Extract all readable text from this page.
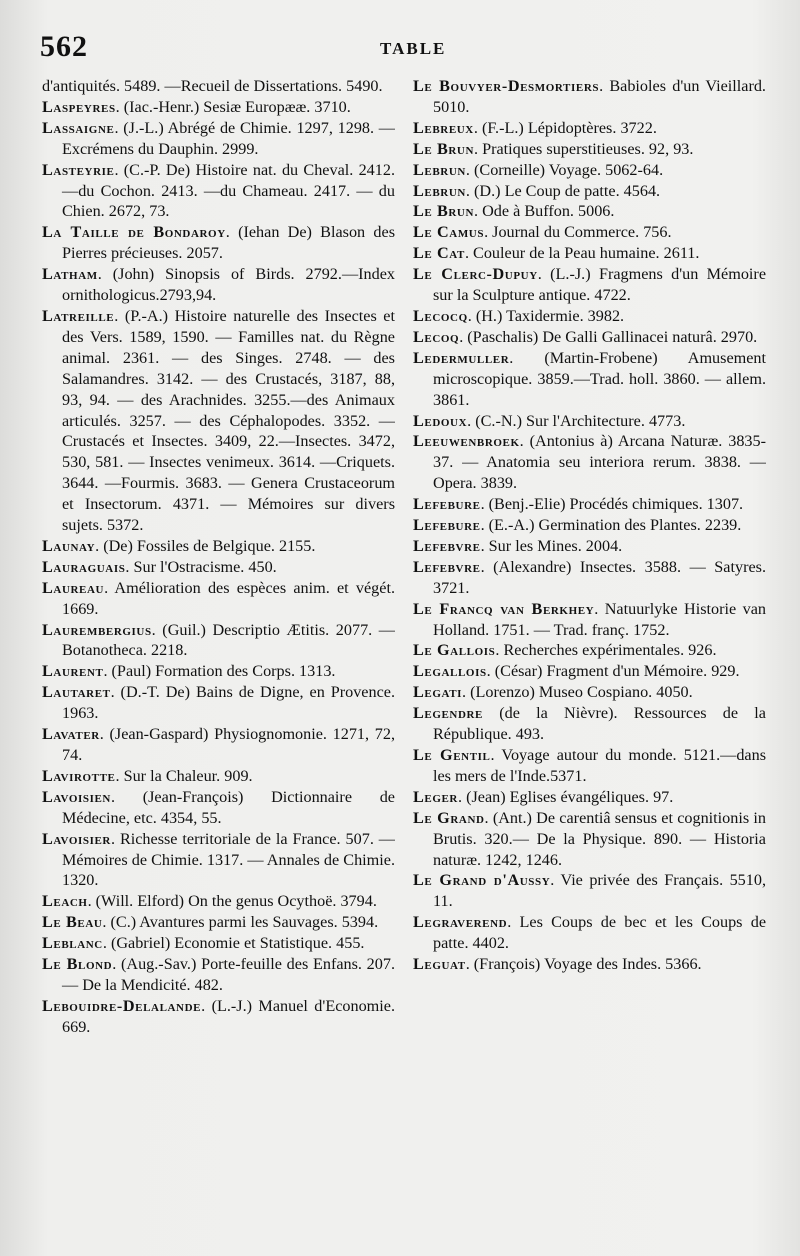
562	TABLE

d'antiquités. 5489. —Recueil de Dissertations. 5490.

Laspeyres. (Iac.-Henr.) Sesiæ Europææ. 3710.

Lassaigne. (J.-L.) Abrégé de Chimie. 1297, 1298. — Excrémens du Dauphin. 2999.

Lasteyrie. (C.-P. De) Histoire nat. du Cheval. 2412.—du Cochon. 2413. —du Chameau. 2417. — du Chien. 2672, 73.

La Taille de Bondaroy. (Iehan De) Blason des Pierres précieuses. 2057.

Latham. (John) Sinopsis of Birds. 2792.—Index ornithologicus.2793,94.

Latreille. (P.-A.) Histoire naturelle des Insectes et des Vers. 1589, 1590. — Familles nat. du Règne animal. 2361. — des Singes. 2748. — des Salamandres. 3142. — des Crustacés, 3187, 88, 93, 94. — des Arachnides. 3255.—des Animaux articulés. 3257. — des Céphalopodes. 3352. — Crustacés et Insectes. 3409, 22.—Insectes. 3472, 530, 581. — Insectes venimeux. 3614. —Criquets. 3644. —Fourmis. 3683. — Genera Crustaceorum et Insectorum. 4371. — Mémoires sur divers sujets. 5372.

Launay. (De) Fossiles de Belgique. 2155.

Lauraguais. Sur l'Ostracisme. 450.

Laureau. Amélioration des espèces anim. et végét. 1669.

Laurembergius. (Guil.) Descriptio Ætitis. 2077. — Botanotheca. 2218.

Laurent. (Paul) Formation des Corps. 1313.

Lautaret. (D.-T. De) Bains de Digne, en Provence. 1963.

Lavater. (Jean-Gaspard) Physiognomonie. 1271, 72, 74.

Lavirotte. Sur la Chaleur. 909.

Lavoisien. (Jean-François) Dictionnaire de Médecine, etc. 4354, 55.

Lavoisier. Richesse territoriale de la France. 507. — Mémoires de Chimie. 1317. — Annales de Chimie. 1320.

Leach. (Will. Elford) On the genus Ocythoë. 3794.

Le Beau. (C.) Avantures parmi les Sauvages. 5394.

Leblanc. (Gabriel) Economie et Statistique. 455.

Le Blond. (Aug.-Sav.) Porte-feuille des Enfans. 207. — De la Mendicité. 482.

Lebouidre-Delalande. (L.-J.) Manuel d'Economie. 669.

Le Bouvyer-Desmortiers. Babioles d'un Vieillard. 5010.

Lebreux. (F.-L.) Lépidoptères. 3722.

Le Brun. Pratiques superstitieuses. 92, 93.

Lebrun. (Corneille) Voyage. 5062-64.

Lebrun. (D.) Le Coup de patte. 4564.

Le Brun. Ode à Buffon. 5006.

Le Camus. Journal du Commerce. 756.

Le Cat. Couleur de la Peau humaine. 2611.

Le Clerc-Dupuy. (L.-J.) Fragmens d'un Mémoire sur la Sculpture antique. 4722.

Lecocq. (H.) Taxidermie. 3982.

Lecoq. (Paschalis) De Galli Gallinacei naturâ. 2970.

Ledermuller. (Martin-Frobene) Amusement microscopique. 3859.—Trad. holl. 3860. — allem. 3861.

Ledoux. (C.-N.) Sur l'Architecture. 4773.

Leeuwenbroek. (Antonius à) Arcana Naturæ. 3835-37. — Anatomia seu interiora rerum. 3838. — Opera. 3839.

Lefebure. (Benj.-Elie) Procédés chimiques. 1307.

Lefebure. (E.-A.) Germination des Plantes. 2239.

Lefebvre. Sur les Mines. 2004.

Lefebvre. (Alexandre) Insectes. 3588. — Satyres. 3721.

Le Francq van Berkhey. Natuurlyke Historie van Holland. 1751. — Trad. franç. 1752.

Le Gallois. Recherches expérimentales. 926.

Legallois. (César) Fragment d'un Mémoire. 929.

Legati. (Lorenzo) Museo Cospiano. 4050.

Legendre (de la Nièvre). Ressources de la République. 493.

Le Gentil. Voyage autour du monde. 5121.—dans les mers de l'Inde.5371.

Leger. (Jean) Eglises évangéliques. 97.

Le Grand. (Ant.) De carentiâ sensus et cognitionis in Brutis. 320.— De la Physique. 890. — Historia naturæ. 1242, 1246.

Le Grand d'Aussy. Vie privée des Français. 5510, 11.

Legraverend. Les Coups de bec et les Coups de patte. 4402.

Leguat. (François) Voyage des Indes. 5366.
